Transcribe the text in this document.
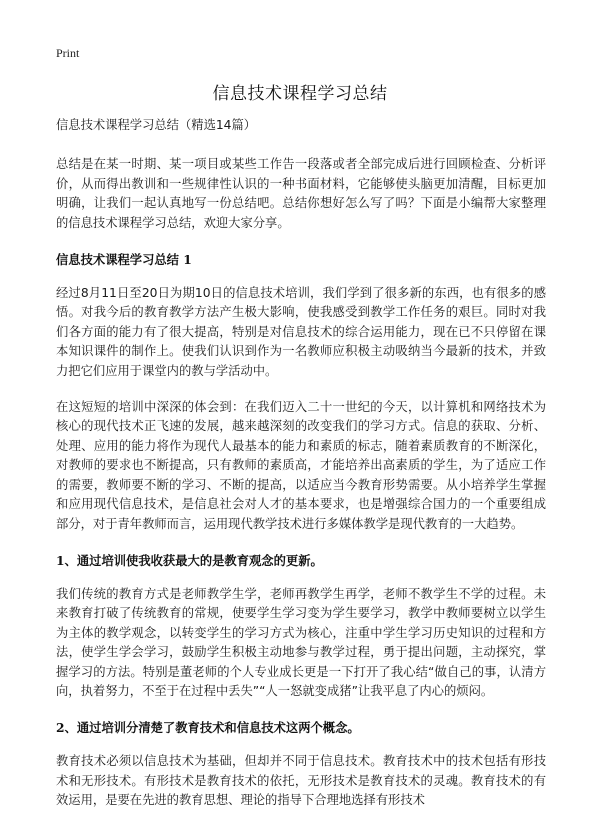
Print
信息技术课程学习总结

信息技术课程学习总结（精选14篇）

总结是在某一时期、某一项目或某些工作告一段落或者全部完成后进行回顾检查、分析评价，从而得出教训和一些规律性认识的一种书面材料，它能够使头脑更加清醒，目标更加明确，让我们一起认真地写一份总结吧。总结你想好怎么写了吗？下面是小编帮大家整理的信息技术课程学习总结，欢迎大家分享。

信息技术课程学习总结 1

经过8月11日至20日为期10日的信息技术培训，我们学到了很多新的东西，也有很多的感悟。对我今后的教育教学方法产生极大影响，使我感受到教学工作任务的艰巨。同时对我们各方面的能力有了很大提高，特别是对信息技术的综合运用能力，现在已不只停留在课本知识课件的制作上。使我们认识到作为一名教师应积极主动吸纳当今最新的技术，并致力把它们应用于课堂内的教与学活动中。

在这短短的培训中深深的体会到：在我们迈入二十一世纪的今天，以计算机和网络技术为核心的现代技术正飞速的发展，越来越深刻的改变我们的学习方式。信息的获取、分析、处理、应用的能力将作为现代人最基本的能力和素质的标志，随着素质教育的不断深化，对教师的要求也不断提高，只有教师的素质高，才能培养出高素质的学生，为了适应工作的需要，教师要不断的学习、不断的提高，以适应当今教育形势需要。从小培养学生掌握和应用现代信息技术，是信息社会对人才的基本要求，也是增强综合国力的一个重要组成部分，对于青年教师而言，运用现代教学技术进行多媒体教学是现代教育的一大趋势。

1、通过培训使我收获最大的是教育观念的更新。

我们传统的教育方式是老师教学生学，老师再教学生再学，老师不教学生不学的过程。未来教育打破了传统教育的常规，使要学生学习变为学生要学习，教学中教师要树立以学生为主体的教学观念，以转变学生的学习方式为核心，注重中学生学习历史知识的过程和方法，使学生学会学习，鼓励学生积极主动地参与教学过程，勇于提出问题，主动探究，掌握学习的方法。特别是董老师的个人专业成长更是一下打开了我心结“做自己的事，认清方向，执着努力，不至于在过程中丢失”“人一怒就变成猪”让我平息了内心的烦闷。

2、通过培训分清楚了教育技术和信息技术这两个概念。

教育技术必须以信息技术为基础，但却并不同于信息技术。教育技术中的技术包括有形技术和无形技术。有形技术是教育技术的依托，无形技术是教育技术的灵魂。教育技术的有效运用，是要在先进的教育思想、理论的指导下合理地选择有形技术
